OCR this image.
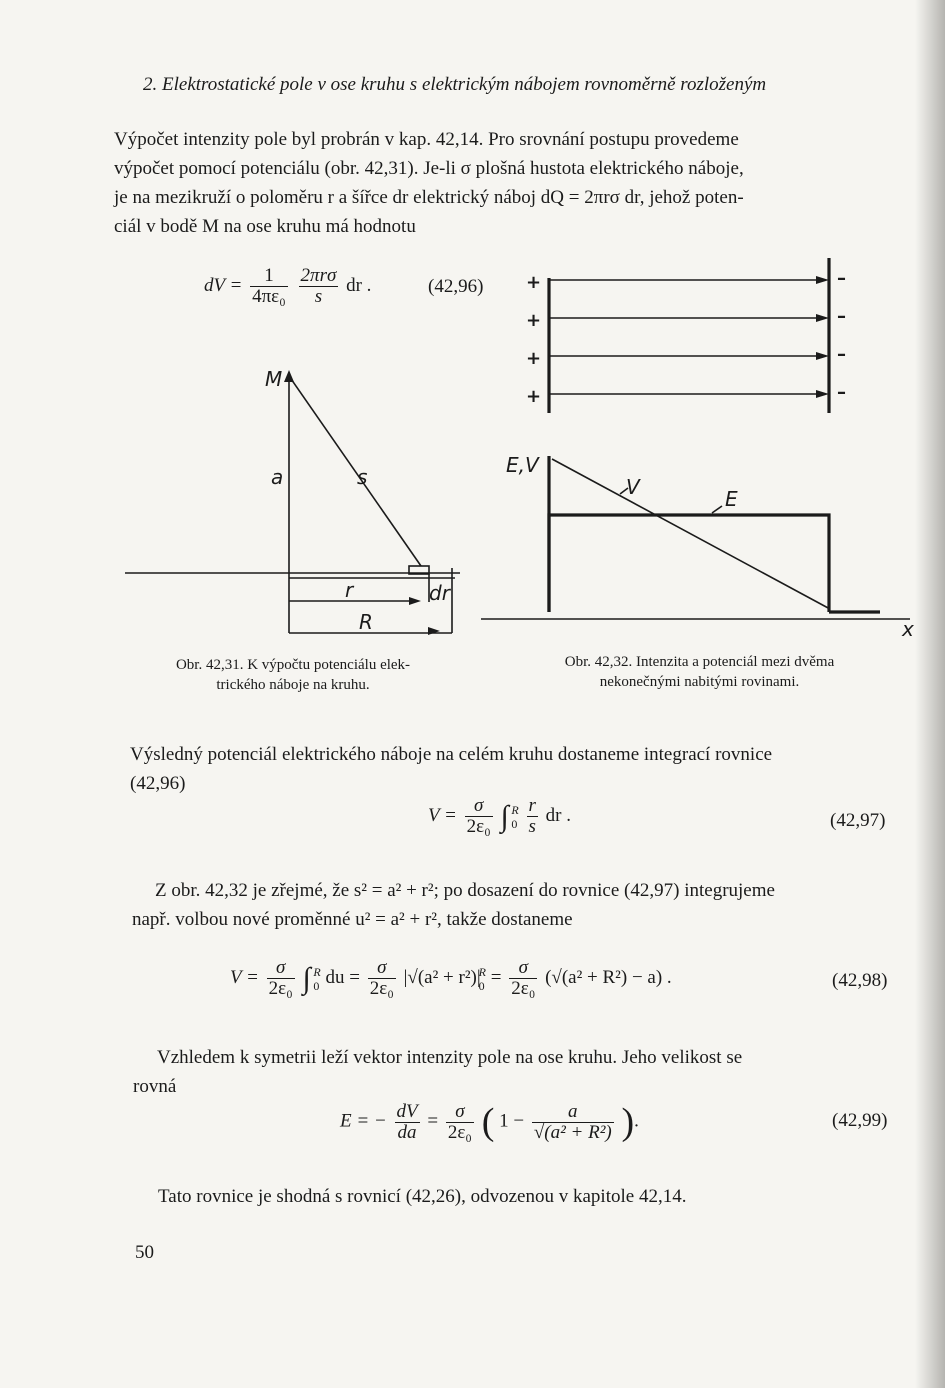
2. Elektrostatické pole v ose kruhu s elektrickým nábojem rovnoměrně rozloženým
Výpočet intenzity pole byl probrán v kap. 42,14. Pro srovnání postupu provedeme
výpočet pomocí potenciálu (obr. 42,31). Je-li σ plošná hustota elektrického náboje,
je na mezikruží o poloměru r a šířce dr elektrický náboj dQ = 2πrσ dr, jehož poten-
ciál v bodě M na ose kruhu má hodnotu
dV = $\frac{1}{\text{4πε₀}}$
$\frac{\text{2πrσ}}{s}$ dr .	(42,96)
M
a	s
r	dr
R
+
+
+
+
–
–
–
–
E,V
V	E
x
Obr. 42,31. K výpočtu potenciálu elek-
trického náboje na kruhu.
Obr. 42,32. Intenzita a potenciál mezi dvěma
nekonečnými nabitými rovinami.
Výsledný potenciál elektrického náboje na celém kruhu dostaneme integrací rovnice
(42,96)
$V = \frac{\sigma}{\text{2ε₀}}$ ∫ R
0
$\frac{r}{s}$ dr .	(42,97)
Z obr. 42,32 je zřejmé, že s² = a² + r²; po dosazení do rovnice (42,97) integrujeme
např. volbou nové proměnné u² = a² + r², takže dostaneme
$V = \frac{\sigma}{\text{2ε₀}}$ ∫ R
0 du = $\frac{\sigma}{\text{2ε₀}} |√(a^2 + r^2)|$
R
$0 = \frac{\sigma}{\text{2ε₀}} (√(a^2 + R^2) - a)$ .	(42,98)
Vzhledem k symetrii leží vektor intenzity pole na ose kruhu. Jeho velikost se
rovná
E = − $\frac{dV}{da} = \frac{\sigma}{\text{2ε₀}}$ ( $1 - \frac{a}{\text{√(a² + R²)}}$ ).	(42,99)
Tato rovnice je shodná s rovnicí (42,26), odvozenou v kapitole 42,14.
50
